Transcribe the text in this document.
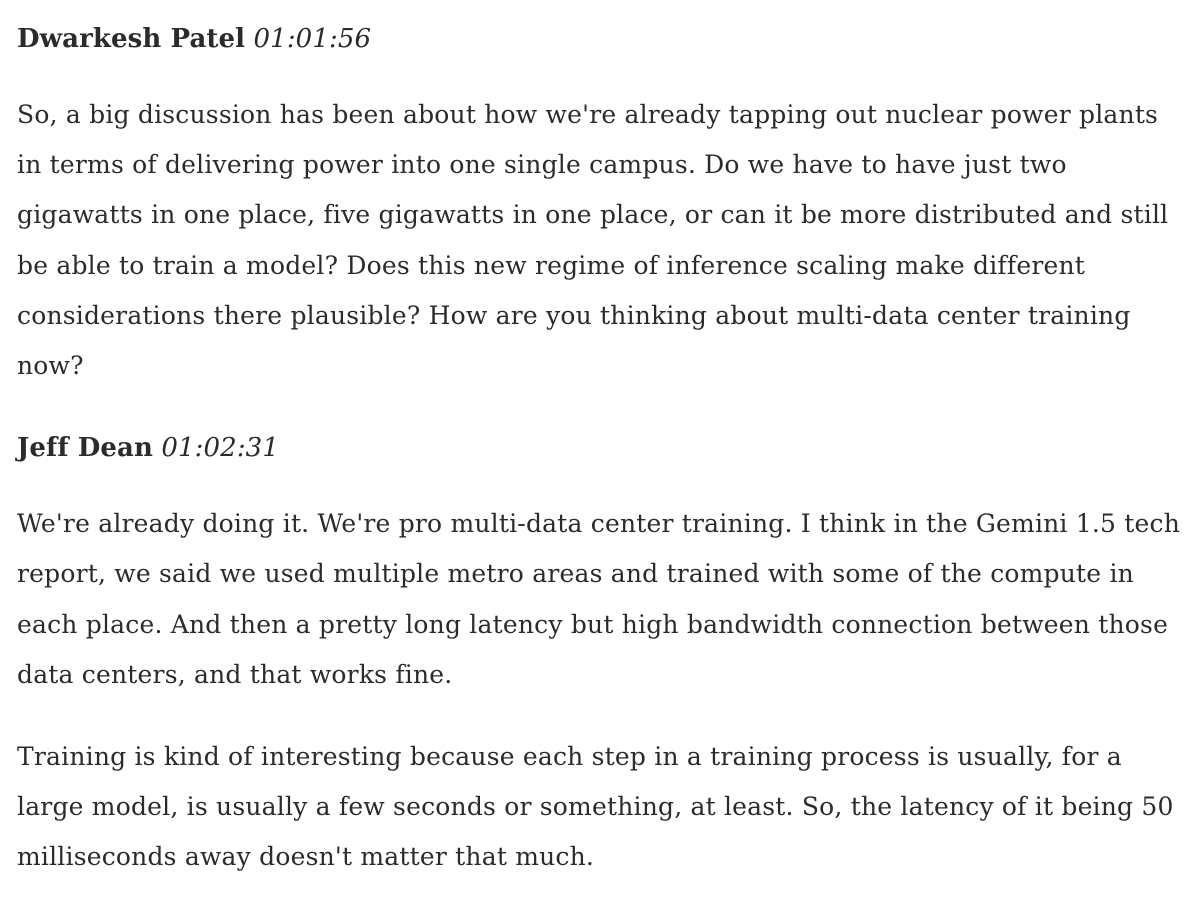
Dwarkesh Patel 01:01:56

So, a big discussion has been about how we're already tapping out nuclear power plants in terms of delivering power into one single campus. Do we have to have just two gigawatts in one place, five gigawatts in one place, or can it be more distributed and still be able to train a model? Does this new regime of inference scaling make different considerations there plausible? How are you thinking about multi-data center training now?

Jeff Dean 01:02:31

We're already doing it. We're pro multi-data center training. I think in the Gemini 1.5 tech report, we said we used multiple metro areas and trained with some of the compute in each place. And then a pretty long latency but high bandwidth connection between those data centers, and that works fine.

Training is kind of interesting because each step in a training process is usually, for a large model, is usually a few seconds or something, at least. So, the latency of it being 50 milliseconds away doesn't matter that much.
